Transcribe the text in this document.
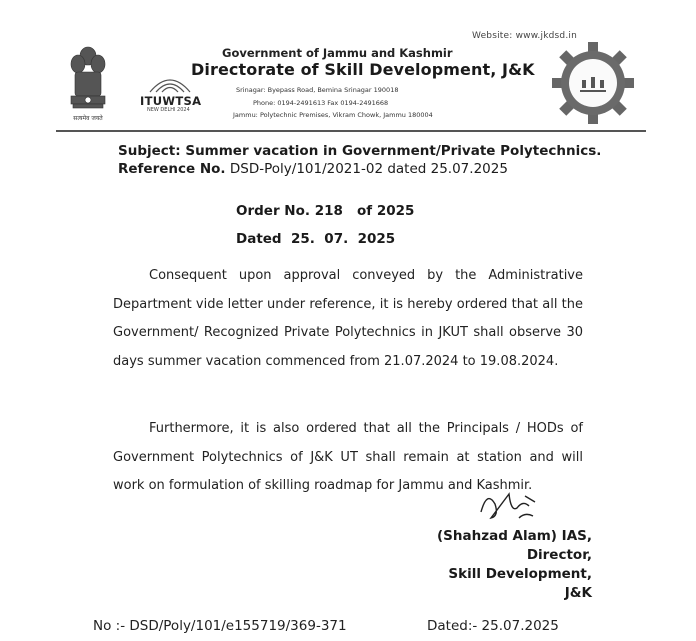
Website: www.jkdsd.in
सत्यमेव जयते
ITUWTSA
NEW DELHI 2024
Government of Jammu and Kashmir
Directorate of Skill Development, J&K
Srinagar: Byepass Road, Bemina Srinagar 190018
Phone: 0194-2491613 Fax 0194-2491668
Jammu: Polytechnic Premises, Vikram Chowk, Jammu 180004
Subject: Summer vacation in Government/Private Polytechnics.
Reference No. DSD-Poly/101/2021-02 dated 25.07.2025
Order No. 218   of 2025
Dated  25.  07.  2025
Consequent upon approval conveyed by the Administrative Department vide letter under reference, it is hereby ordered that all the Government/ Recognized Private Polytechnics in JKUT shall observe 30 days summer vacation commenced from 21.07.2024 to 19.08.2024.
Furthermore, it is also ordered that all the Principals / HODs of Government Polytechnics of J&K UT shall remain at station and will work on formulation of skilling roadmap for Jammu and Kashmir.
(Shahzad Alam) IAS,
Director,
Skill Development,
J&K
No :- DSD/Poly/101/e155719/369-371	Dated:- 25.07.2025
